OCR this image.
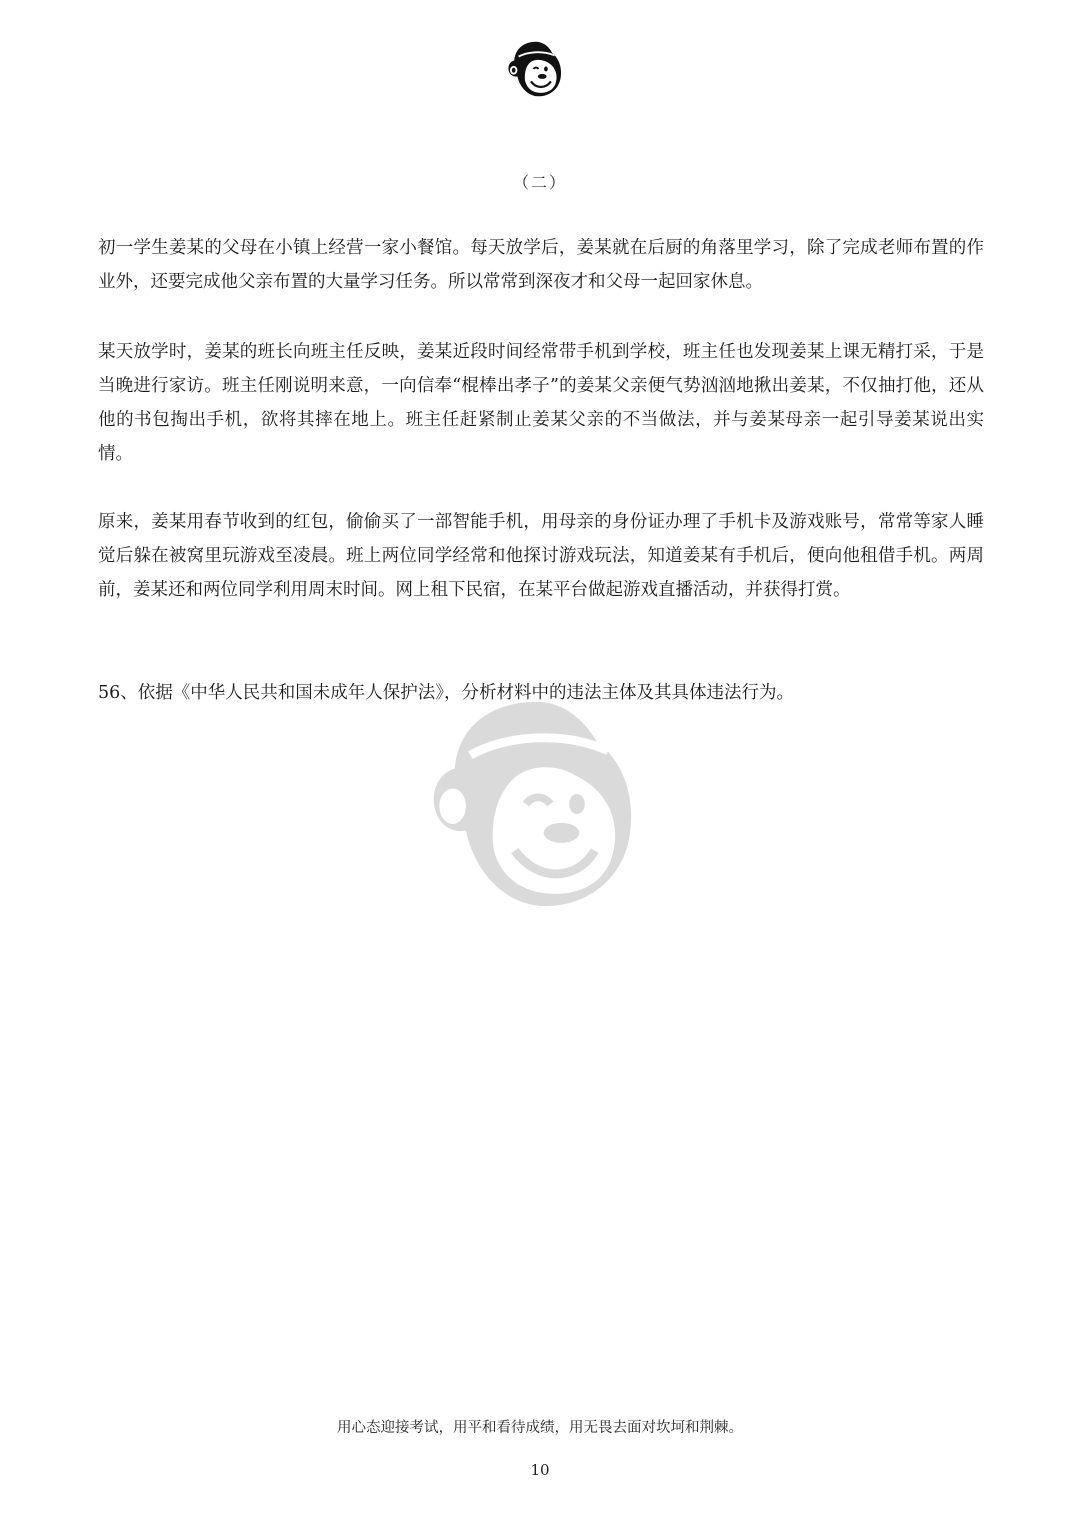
（二）

初一学生姜某的父母在小镇上经营一家小餐馆。每天放学后，姜某就在后厨的角落里学习，除了完成老师布置的作业外，还要完成他父亲布置的大量学习任务。所以常常到深夜才和父母一起回家休息。

某天放学时，姜某的班长向班主任反映，姜某近段时间经常带手机到学校，班主任也发现姜某上课无精打采，于是当晚进行家访。班主任刚说明来意，一向信奉“棍棒出孝子”的姜某父亲便气势汹汹地揪出姜某，不仅抽打他，还从他的书包掏出手机，欲将其摔在地上。班主任赶紧制止姜某父亲的不当做法，并与姜某母亲一起引导姜某说出实情。

原来，姜某用春节收到的红包，偷偷买了一部智能手机，用母亲的身份证办理了手机卡及游戏账号，常常等家人睡觉后躲在被窝里玩游戏至凌晨。班上两位同学经常和他探讨游戏玩法，知道姜某有手机后，便向他租借手机。两周前，姜某还和两位同学利用周末时间。网上租下民宿，在某平台做起游戏直播活动，并获得打赏。

56、依据《中华人民共和国未成年人保护法》，分析材料中的违法主体及其具体违法行为。

用心态迎接考试，用平和看待成绩，用无畏去面对坎坷和荆棘。
10
